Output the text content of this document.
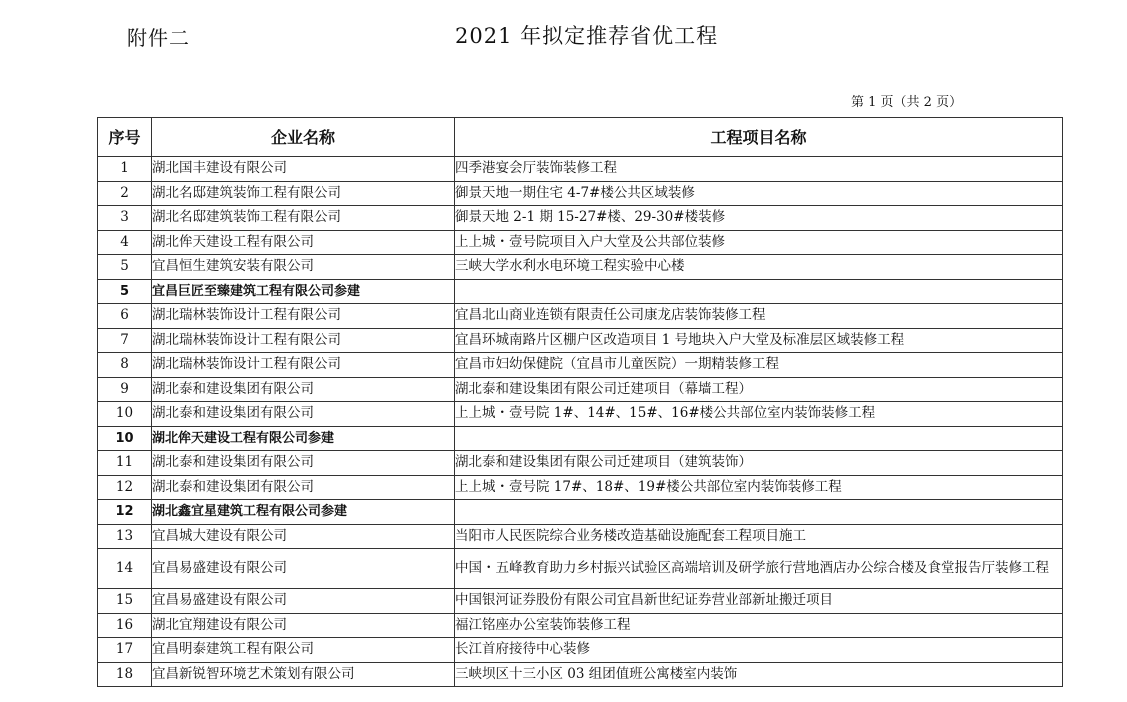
附件二	2021 年拟定推荐省优工程
第 1 页（共 2 页）
序号	企业名称	工程项目名称
1	湖北国丰建设有限公司	四季港宴会厅装饰装修工程
2	湖北名邸建筑装饰工程有限公司	御景天地一期住宅 4-7#楼公共区域装修
3	湖北名邸建筑装饰工程有限公司	御景天地 2-1 期 15-27#楼、29-30#楼装修
4	湖北侔天建设工程有限公司	上上城・壹号院项目入户大堂及公共部位装修
5	宜昌恒生建筑安装有限公司	三峡大学水利水电环境工程实验中心楼
5	宜昌巨匠至臻建筑工程有限公司参建	
6	湖北瑞林装饰设计工程有限公司	宜昌北山商业连锁有限责任公司康龙店装饰装修工程
7	湖北瑞林装饰设计工程有限公司	宜昌环城南路片区棚户区改造项目 1 号地块入户大堂及标准层区域装修工程
8	湖北瑞林装饰设计工程有限公司	宜昌市妇幼保健院（宜昌市儿童医院）一期精装修工程
9	湖北泰和建设集团有限公司	湖北泰和建设集团有限公司迁建项目（幕墙工程）
10	湖北泰和建设集团有限公司	上上城・壹号院 1#、14#、15#、16#楼公共部位室内装饰装修工程
10	湖北侔天建设工程有限公司参建	
11	湖北泰和建设集团有限公司	湖北泰和建设集团有限公司迁建项目（建筑装饰）
12	湖北泰和建设集团有限公司	上上城・壹号院 17#、18#、19#楼公共部位室内装饰装修工程
12	湖北鑫宜星建筑工程有限公司参建	
13	宜昌城大建设有限公司	当阳市人民医院综合业务楼改造基础设施配套工程项目施工
14	宜昌易盛建设有限公司	中国・五峰教育助力乡村振兴试验区高端培训及研学旅行营地酒店办公综合楼及食堂报告厅装修工程
15	宜昌易盛建设有限公司	中国银河证券股份有限公司宜昌新世纪证券营业部新址搬迁项目
16	湖北宜翔建设有限公司	福江铭座办公室装饰装修工程
17	宜昌明泰建筑工程有限公司	长江首府接待中心装修
18	宜昌新锐智环境艺术策划有限公司	三峡坝区十三小区 03 组团值班公寓楼室内装饰
